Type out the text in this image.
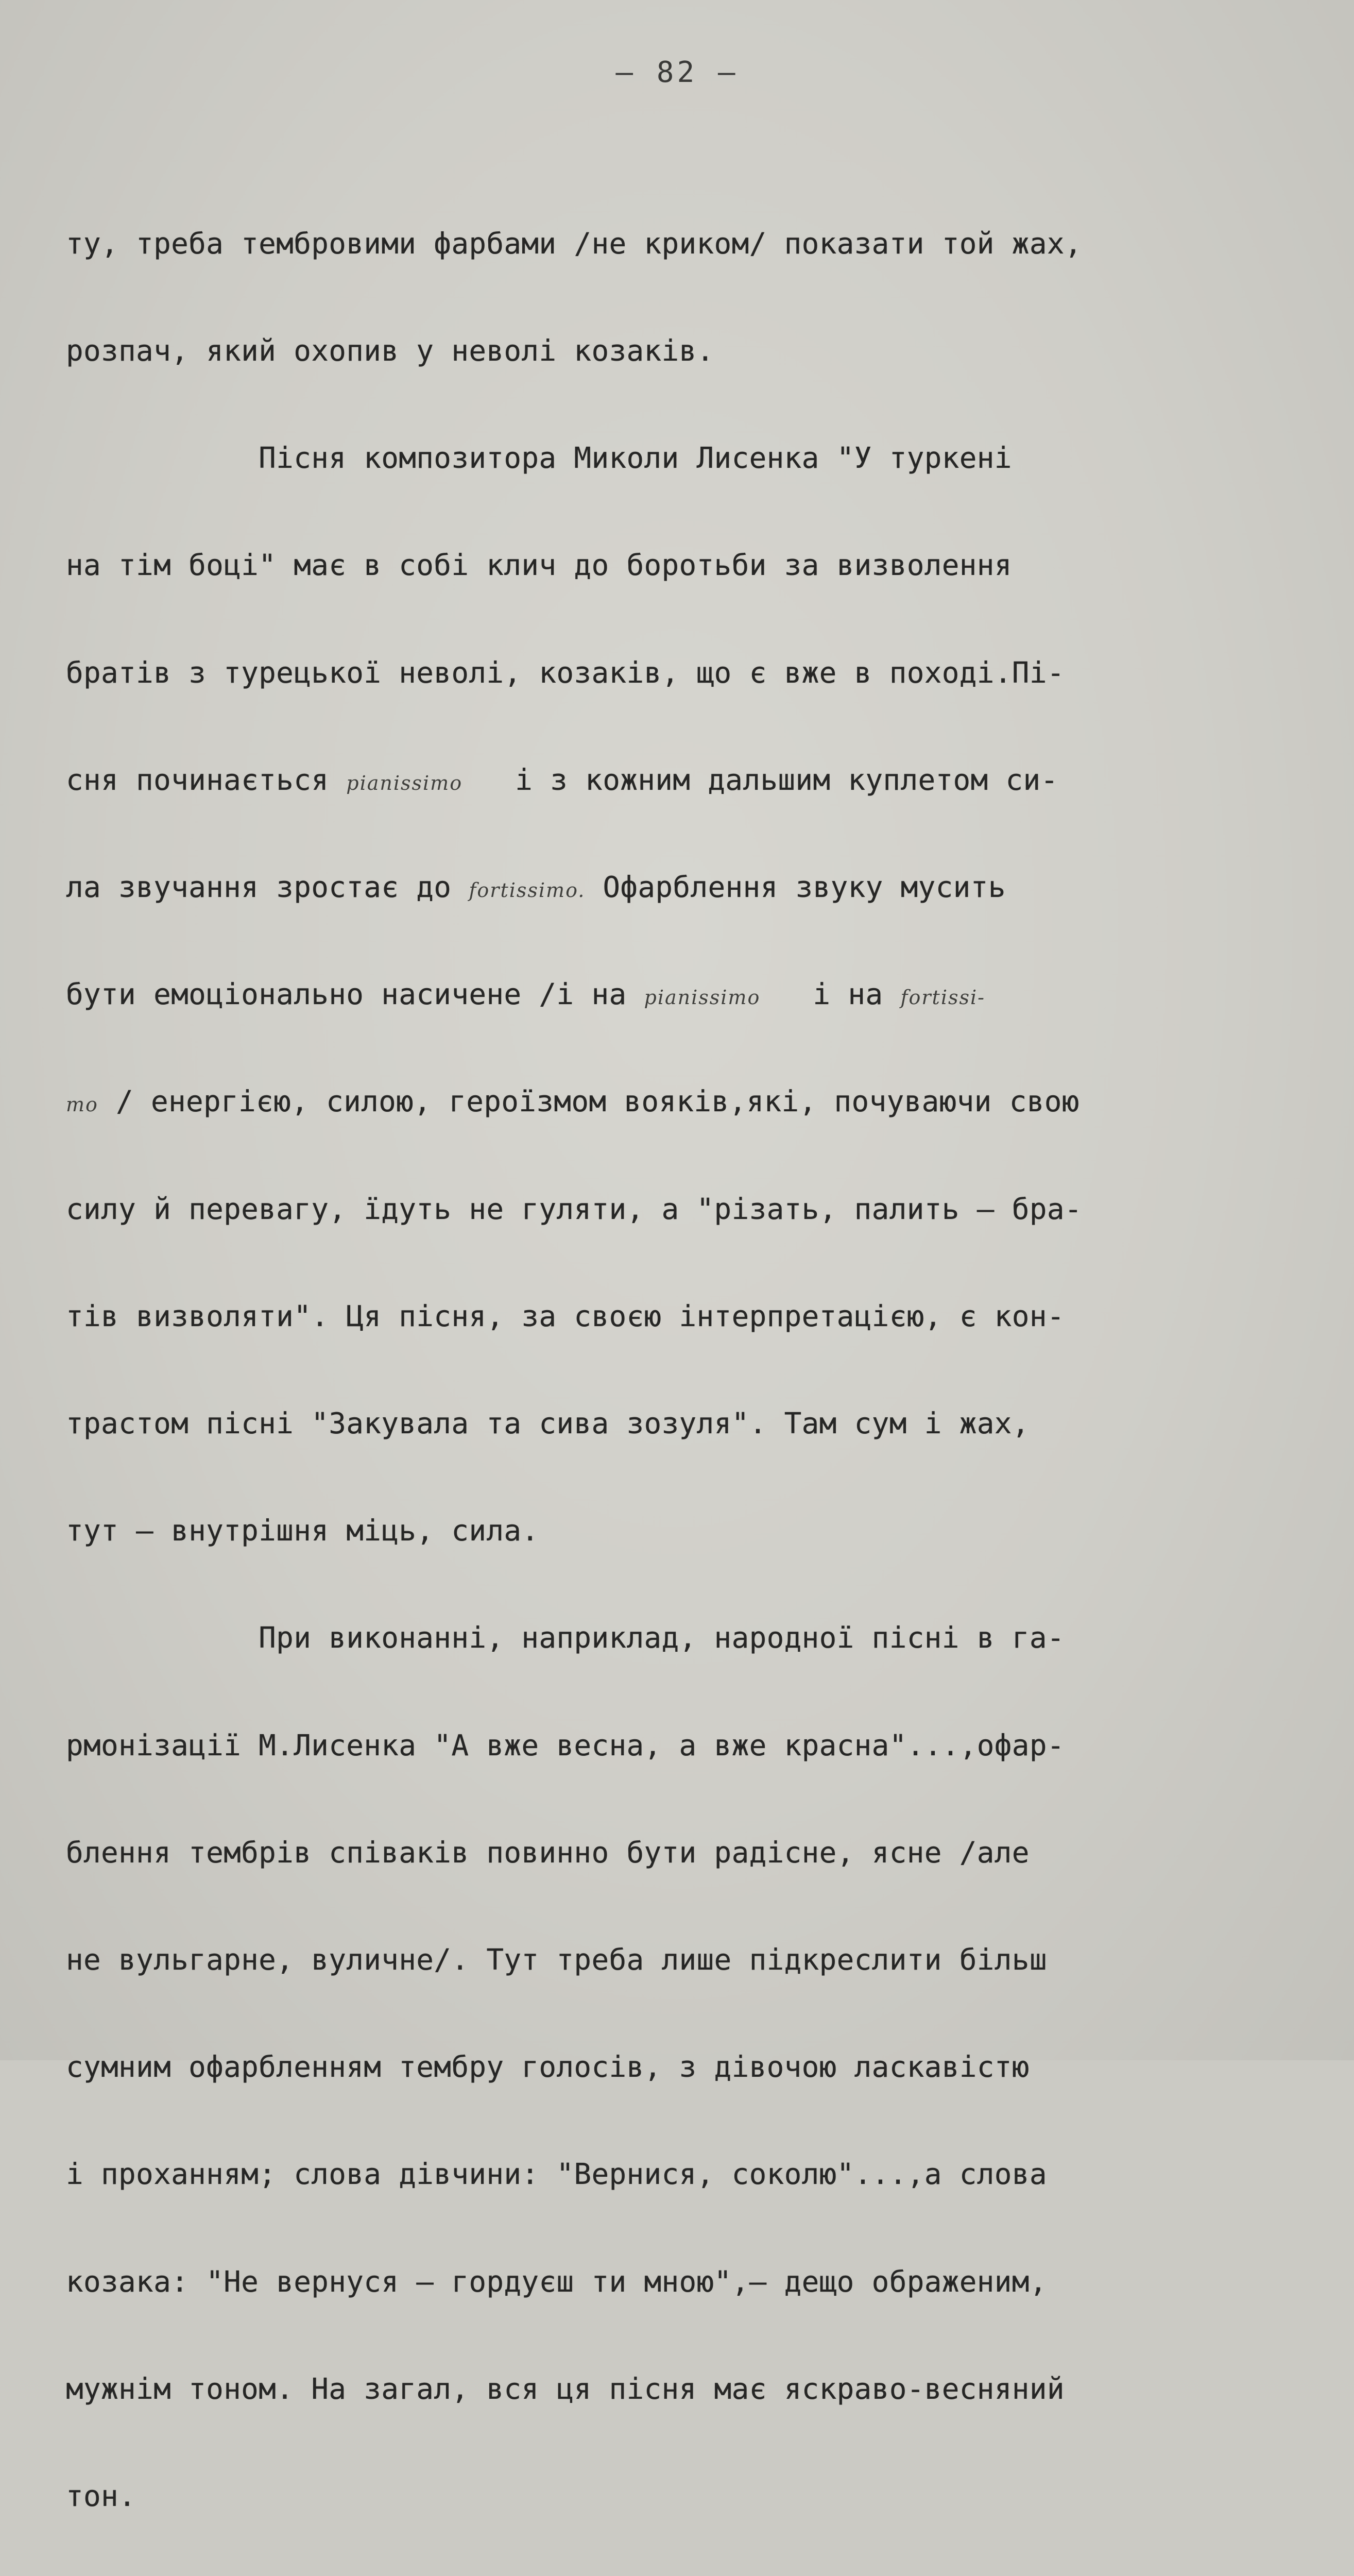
– 82 –

ту, треба тембровими фарбами /не криком/ показати той жах,

розпач, який охопив у неволі козаків.

Пісня композитора Миколи Лисенка "У туркені

на тім боці" має в собі клич до боротьби за визволення

братів з турецької неволі, козаків, що є вже в поході.Пі-

сня починається pianissimo і з кожним дальшим куплетом си-

ла звучання зростає до fortissimo. Офарблення звуку мусить

бути емоціонально насичене /і на pianissimo і на fortissi-

mo / енергією, силою, героїзмом вояків,які, почуваючи свою

силу й перевагу, їдуть не гуляти, а "різать, палить – бра-

тів визволяти". Ця пісня, за своєю інтерпретацією, є кон-

трастом пісні "Закувала та сива зозуля". Там сум і жах,

тут – внутрішня міць, сила.

При виконанні, наприклад, народної пісні в га-

рмонізації М.Лисенка "А вже весна, а вже красна"...,офар-

блення тембрів співаків повинно бути радісне, ясне /але

не вульгарне, вуличне/. Тут треба лише підкреслити більш

сумним офарбленням тембру голосів, з дівочою ласкавістю

і проханням; слова дівчини: "Вернися, соколю"...,а слова

козака: "Не вернуся – гордуєш ти мною",– дещо ображеним,

мужнім тоном. На загал, вся ця пісня має яскраво-весняний

тон.
